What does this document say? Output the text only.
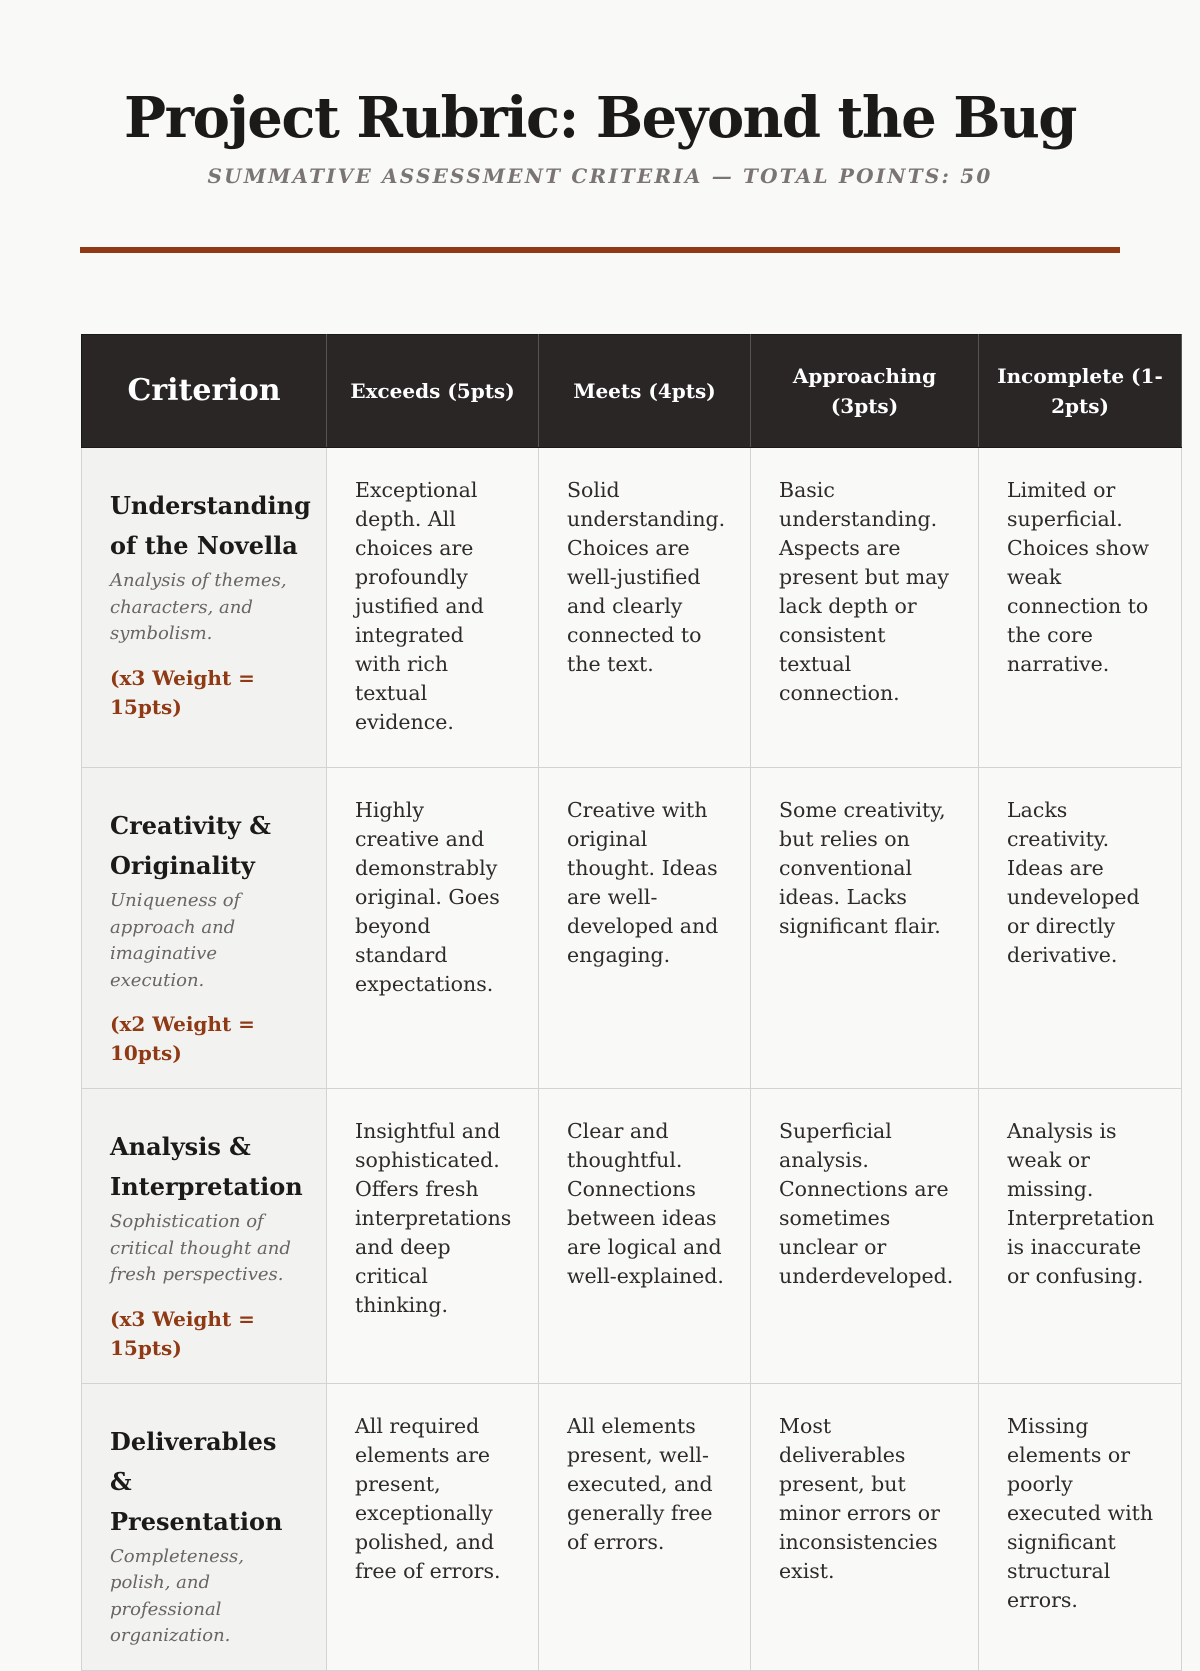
Project Rubric: Beyond the Bug
SUMMATIVE ASSESSMENT CRITERIA — TOTAL POINTS: 50
Criterion	Exceeds (5pts)	Meets (4pts)	Approaching (3pts)	Incomplete (1-2pts)

Understanding of the Novella
Analysis of themes, characters, and symbolism.
(x3 Weight = 15pts)	Exceptional depth. All choices are profoundly justified and integrated with rich textual evidence.	Solid understanding. Choices are well-justified and clearly connected to the text.	Basic understanding. Aspects are present but may lack depth or consistent textual connection.	Limited or superficial. Choices show weak connection to the core narrative.

Creativity & Originality
Uniqueness of approach and imaginative execution.
(x2 Weight = 10pts)	Highly creative and demonstrably original. Goes beyond standard expectations.	Creative with original thought. Ideas are well-developed and engaging.	Some creativity, but relies on conventional ideas. Lacks significant flair.	Lacks creativity. Ideas are undeveloped or directly derivative.

Analysis & Interpretation
Sophistication of critical thought and fresh perspectives.
(x3 Weight = 15pts)	Insightful and sophisticated. Offers fresh interpretations and deep critical thinking.	Clear and thoughtful. Connections between ideas are logical and well-explained.	Superficial analysis. Connections are sometimes unclear or underdeveloped.	Analysis is weak or missing. Interpretation is inaccurate or confusing.

Deliverables & Presentation
Completeness, polish, and professional organization.	All required elements are present, exceptionally polished, and free of errors.	All elements present, well-executed, and generally free of errors.	Most deliverables present, but minor errors or inconsistencies exist.	Missing elements or poorly executed with significant structural errors.
